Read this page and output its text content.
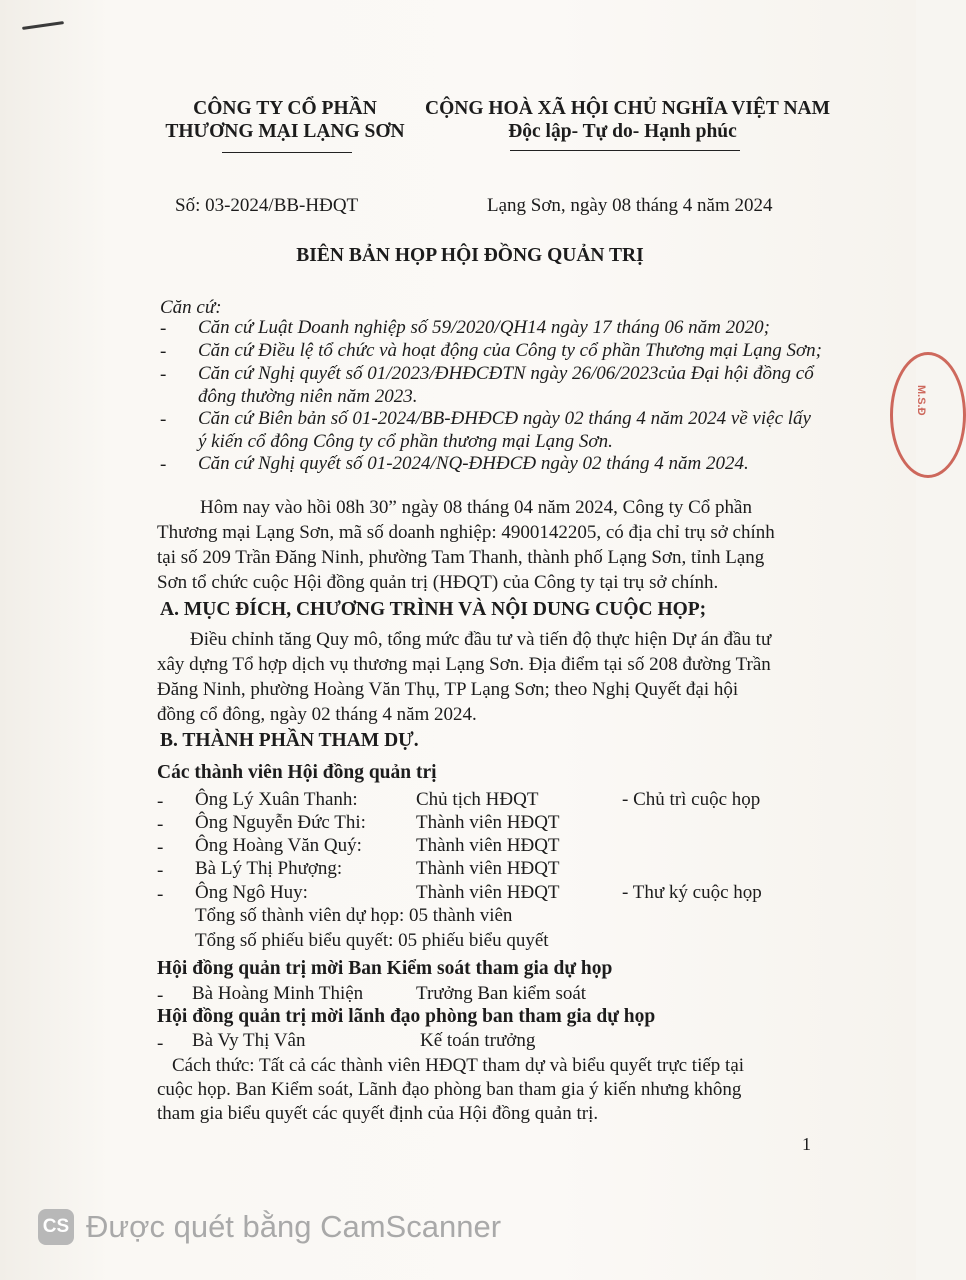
M.S.Đ
CÔNG TY CỔ PHẦN
THƯƠNG MẠI LẠNG SƠN
CỘNG HOÀ XÃ HỘI CHỦ NGHĨA VIỆT NAM
Độc lập- Tự do- Hạnh phúc
Số: 03-2024/BB-HĐQT	Lạng Sơn, ngày 08 tháng 4 năm 2024
BIÊN BẢN HỌP HỘI ĐỒNG QUẢN TRỊ
Căn cứ:
- Căn cứ Luật Doanh nghiệp số 59/2020/QH14 ngày 17 tháng 06 năm 2020;
- Căn cứ Điều lệ tổ chức và hoạt động của Công ty cổ phần Thương mại Lạng Sơn;
- Căn cứ Nghị quyết số 01/2023/ĐHĐCĐTN ngày 26/06/2023của Đại hội đồng cổ
đông thường niên năm 2023.
- Căn cứ Biên bản số 01-2024/BB-ĐHĐCĐ ngày 02 tháng 4 năm 2024 về việc lấy
ý kiến cổ đông Công ty cổ phần thương mại Lạng Sơn.
- Căn cứ Nghị quyết số 01-2024/NQ-ĐHĐCĐ ngày 02 tháng 4 năm 2024.
Hôm nay vào hồi 08h 30” ngày 08 tháng 04 năm 2024, Công ty Cổ phần
Thương mại Lạng Sơn, mã số doanh nghiệp: 4900142205, có địa chỉ trụ sở chính
tại số 209 Trần Đăng Ninh, phường Tam Thanh, thành phố Lạng Sơn, tỉnh Lạng
Sơn tổ chức cuộc Hội đồng quản trị (HĐQT) của Công ty tại trụ sở chính.
A. MỤC ĐÍCH, CHƯƠNG TRÌNH VÀ NỘI DUNG CUỘC HỌP;
Điều chỉnh tăng Quy mô, tổng mức đầu tư và tiến độ thực hiện Dự án đầu tư
xây dựng Tổ hợp dịch vụ thương mại Lạng Sơn. Địa điểm tại số 208 đường Trần
Đăng Ninh, phường Hoàng Văn Thụ, TP Lạng Sơn; theo Nghị Quyết đại hội
đồng cổ đông, ngày 02 tháng 4 năm 2024.
B. THÀNH PHẦN THAM DỰ.
Các thành viên Hội đồng quản trị
- Ông Lý Xuân Thanh:	Chủ tịch HĐQT	- Chủ trì cuộc họp
- Ông Nguyễn Đức Thi:	Thành viên HĐQT
- Ông Hoàng Văn Quý:	Thành viên HĐQT
- Bà Lý Thị Phượng:	Thành viên HĐQT
- Ông Ngô Huy:	Thành viên HĐQT	- Thư ký cuộc họp
Tổng số thành viên dự họp: 05 thành viên
Tổng số phiếu biểu quyết: 05 phiếu biểu quyết
Hội đồng quản trị mời Ban Kiểm soát tham gia dự họp
- Bà Hoàng Minh Thiện	Trưởng Ban kiểm soát
Hội đồng quản trị mời lãnh đạo phòng ban tham gia dự họp
- Bà Vy Thị Vân	Kế toán trưởng
Cách thức: Tất cả các thành viên HĐQT tham dự và biểu quyết trực tiếp tại
cuộc họp. Ban Kiểm soát, Lãnh đạo phòng ban tham gia ý kiến nhưng không
tham gia biểu quyết các quyết định của Hội đồng quản trị.
1
CS Được quét bằng CamScanner
